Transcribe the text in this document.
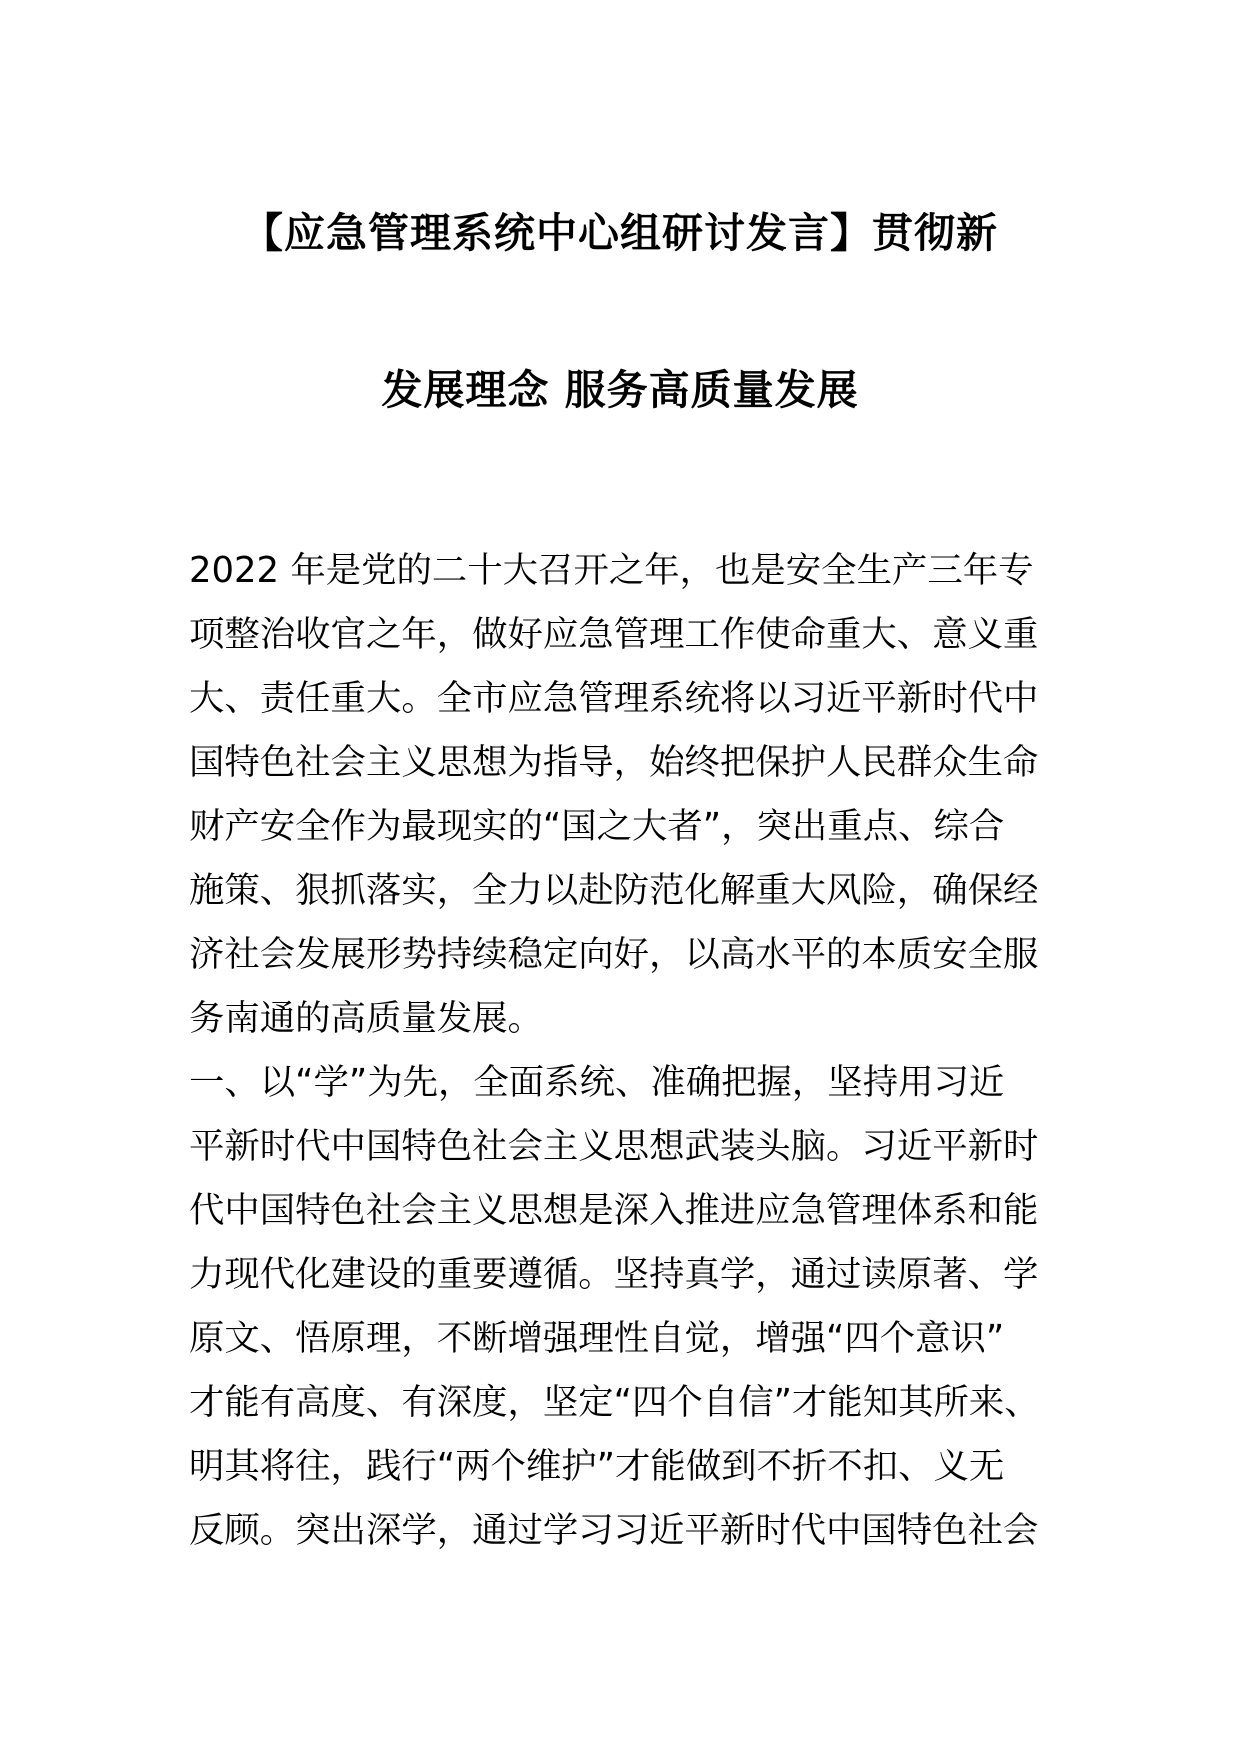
【应急管理系统中心组研讨发言】贯彻新
发展理念 服务高质量发展
2022 年是党的二十大召开之年，也是安全生产三年专
项整治收官之年，做好应急管理工作使命重大、意义重
大、责任重大。全市应急管理系统将以习近平新时代中
国特色社会主义思想为指导，始终把保护人民群众生命
财产安全作为最现实的“国之大者”，突出重点、综合
施策、狠抓落实，全力以赴防范化解重大风险，确保经
济社会发展形势持续稳定向好，以高水平的本质安全服
务南通的高质量发展。
一、以“学”为先，全面系统、准确把握，坚持用习近
平新时代中国特色社会主义思想武装头脑。习近平新时
代中国特色社会主义思想是深入推进应急管理体系和能
力现代化建设的重要遵循。坚持真学，通过读原著、学
原文、悟原理，不断增强理性自觉，增强“四个意识”
才能有高度、有深度，坚定“四个自信”才能知其所来、
明其将往，践行“两个维护”才能做到不折不扣、义无
反顾。突出深学，通过学习习近平新时代中国特色社会
